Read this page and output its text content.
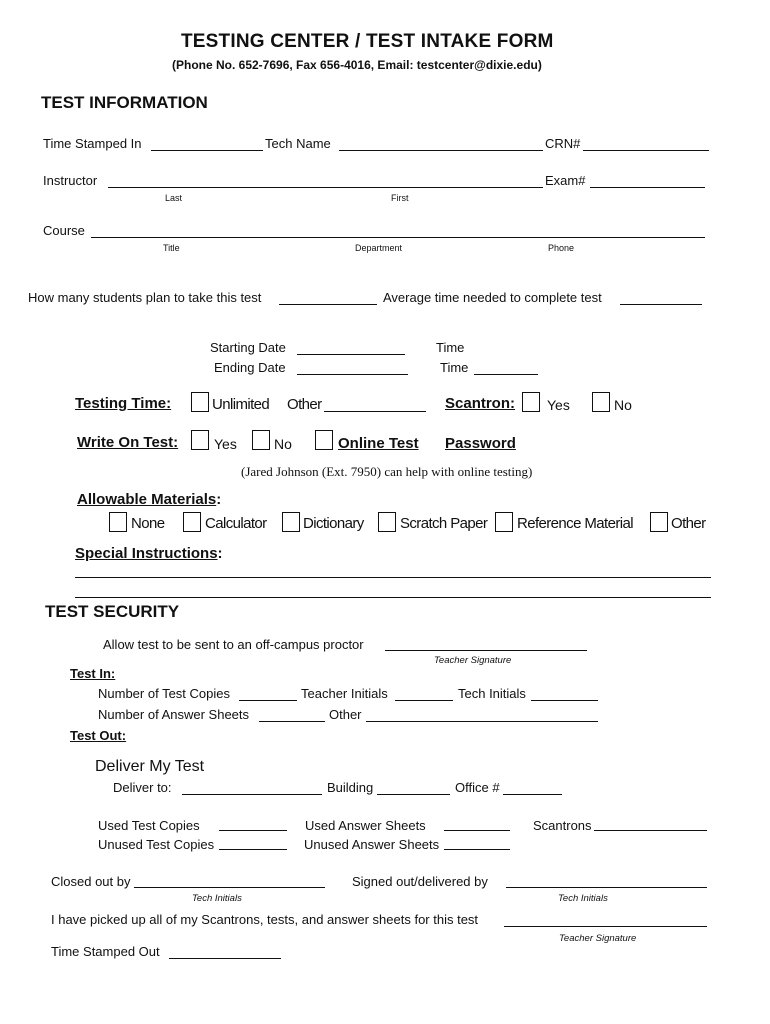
TESTING CENTER / TEST INTAKE FORM
(Phone No. 652-7696, Fax 656-4016, Email: testcenter@dixie.edu)
TEST INFORMATION
Time Stamped In	Tech Name	CRN#
Instructor	Exam#
Last	First
Course
Title	Department	Phone
How many students plan to take this test	Average time needed to complete test
Starting Date	Time
Ending Date	Time
Testing Time:	Unlimited Other	Scantron: Yes	No
Write On Test:	Yes	No	Online Test Password
(Jared Johnson (Ext. 7950) can help with online testing)
Allowable Materials:
None	Calculator Dictionary Scratch Paper Reference Material	Other
Special Instructions:
TEST SECURITY
Allow test to be sent to an off-campus proctor
Teacher Signature
Test In:
Number of Test Copies	Teacher Initials	Tech Initials
Number of Answer Sheets	Other
Test Out:
Deliver My Test
Deliver to:	Building	Office #
Used Test Copies	Used Answer Sheets	Scantrons
Unused Test Copies	Unused Answer Sheets
Closed out by	Signed out/delivered by
Tech Initials	Tech Initials
I have picked up all of my Scantrons, tests, and answer sheets for this test
Teacher Signature
Time Stamped Out
